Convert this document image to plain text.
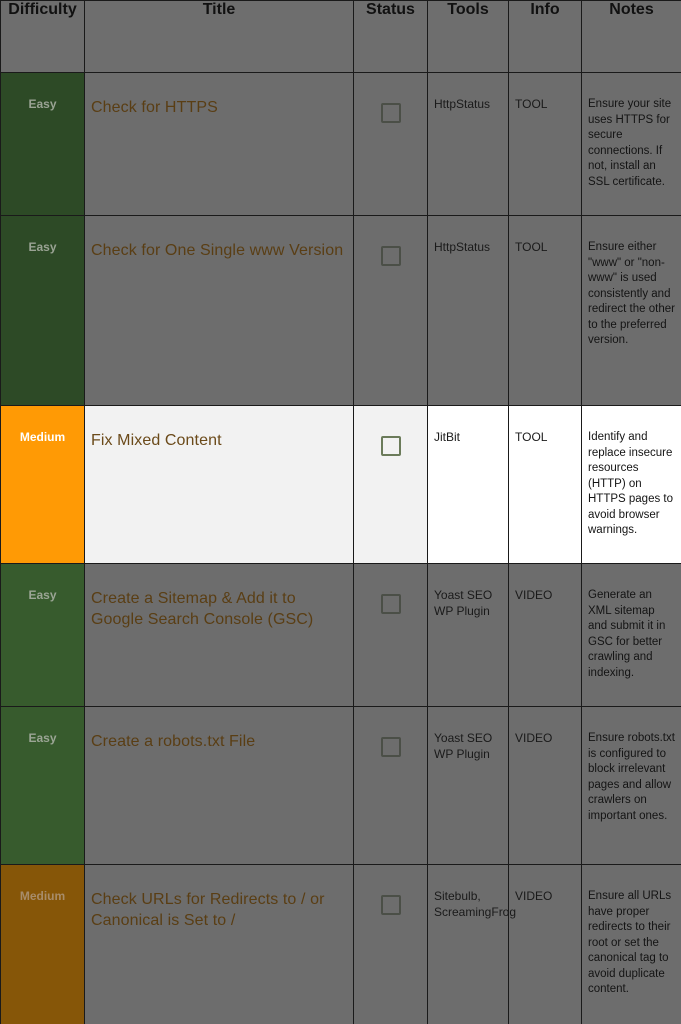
Difficulty	Title	Status	Tools	Info	Notes
Easy	Check for HTTPS		HttpStatus	TOOL	Ensure your site uses HTTPS for secure connections. If not, install an SSL certificate.
Easy	Check for One Single www Version		HttpStatus	TOOL	Ensure either "www" or "non-www" is used consistently and redirect the other to the preferred version.
Medium	Fix Mixed Content		JitBit	TOOL	Identify and replace insecure resources (HTTP) on HTTPS pages to avoid browser warnings.
Easy	Create a Sitemap & Add it to Google Search Console (GSC)		Yoast SEO WP Plugin	VIDEO	Generate an XML sitemap and submit it in GSC for better crawling and indexing.
Easy	Create a robots.txt File		Yoast SEO WP Plugin	VIDEO	Ensure robots.txt is configured to block irrelevant pages and allow crawlers on important ones.
Medium	Check URLs for Redirects to / or Canonical is Set to /		Sitebulb, ScreamingFrog	VIDEO	Ensure all URLs have proper redirects to their root or set the canonical tag to avoid duplicate content.
